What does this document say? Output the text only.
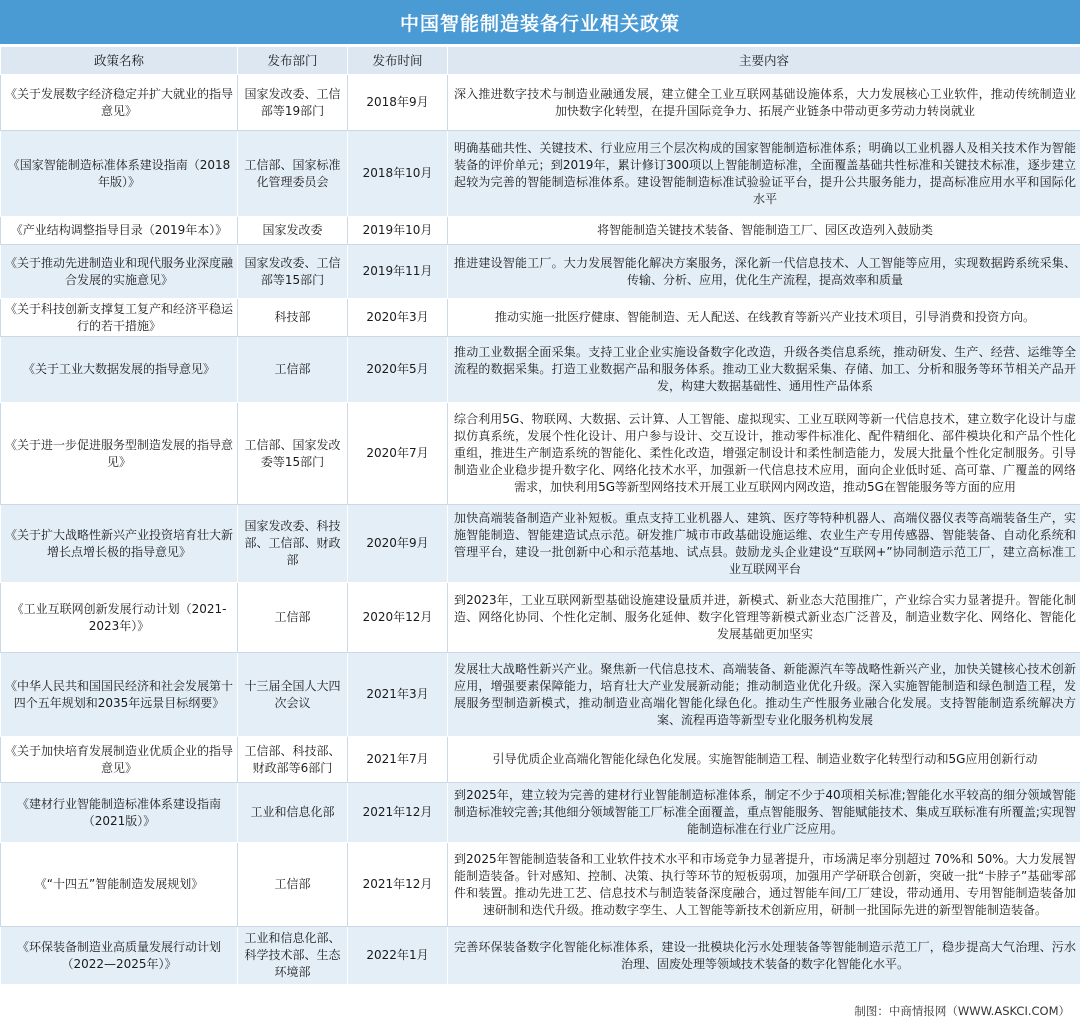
中国智能制造装备行业相关政策
政策名称	发布部门	发布时间	主要内容
《关于发展数字经济稳定并扩大就业的指导意见》	国家发改委、工信部等19部门	2018年9月	深入推进数字技术与制造业融通发展，建立健全工业互联网基础设施体系，大力发展核心工业软件，推动传统制造业加快数字化转型，在提升国际竞争力、拓展产业链条中带动更多劳动力转岗就业
《国家智能制造标准体系建设指南（2018年版）》	工信部、国家标准化管理委员会	2018年10月	明确基础共性、关键技术、行业应用三个层次构成的国家智能制造标准体系；明确以工业机器人及相关技术作为智能装备的评价单元；到2019年，累计修订300项以上智能制造标准，全面覆盖基础共性标准和关键技术标准，逐步建立起较为完善的智能制造标准体系。建设智能制造标准试验验证平台，提升公共服务能力，提高标准应用水平和国际化水平
《产业结构调整指导目录（2019年本）》	国家发改委	2019年10月	将智能制造关键技术装备、智能制造工厂、园区改造列入鼓励类
《关于推动先进制造业和现代服务业深度融合发展的实施意见》	国家发改委、工信部等15部门	2019年11月	推进建设智能工厂。大力发展智能化解决方案服务，深化新一代信息技术、人工智能等应用，实现数据跨系统采集、传输、分析、应用，优化生产流程，提高效率和质量
《关于科技创新支撑复工复产和经济平稳运行的若干措施》	科技部	2020年3月	推动实施一批医疗健康、智能制造、无人配送、在线教育等新兴产业技术项目，引导消费和投资方向。
《关于工业大数据发展的指导意见》	工信部	2020年5月	推动工业数据全面采集。支持工业企业实施设备数字化改造，升级各类信息系统，推动研发、生产、经营、运维等全流程的数据采集。打造工业数据产品和服务体系。推动工业大数据采集、存储、加工、分析和服务等环节相关产品开发，构建大数据基础性、通用性产品体系
《关于进一步促进服务型制造发展的指导意见》	工信部、国家发改委等15部门	2020年7月	综合利用5G、物联网、大数据、云计算、人工智能、虚拟现实、工业互联网等新一代信息技术，建立数字化设计与虚拟仿真系统，发展个性化设计、用户参与设计、交互设计，推动零件标准化、配件精细化、部件模块化和产品个性化重组，推进生产制造系统的智能化、柔性化改造，增强定制设计和柔性制造能力，发展大批量个性化定制服务。引导制造业企业稳步提升数字化、网络化技术水平，加强新一代信息技术应用，面向企业低时延、高可靠、广覆盖的网络需求，加快利用5G等新型网络技术开展工业互联网内网改造，推动5G在智能服务等方面的应用
《关于扩大战略性新兴产业投资培育壮大新增长点增长极的指导意见》	国家发改委、科技部、工信部、财政部	2020年9月	加快高端装备制造产业补短板。重点支持工业机器人、建筑、医疗等特种机器人、高端仪器仪表等高端装备生产，实施智能制造、智能建造试点示范。研发推广城市市政基础设施运维、农业生产专用传感器、智能装备、自动化系统和管理平台，建设一批创新中心和示范基地、试点县。鼓励龙头企业建设“互联网+”协同制造示范工厂，建立高标准工业互联网平台
《工业互联网创新发展行动计划（2021-2023年）》	工信部	2020年12月	到2023年，工业互联网新型基础设施建设量质并进，新模式、新业态大范围推广，产业综合实力显著提升。智能化制造、网络化协同、个性化定制、服务化延伸、数字化管理等新模式新业态广泛普及，制造业数字化、网络化、智能化发展基础更加坚实
《中华人民共和国国民经济和社会发展第十四个五年规划和2035年远景目标纲要》	十三届全国人大四次会议	2021年3月	发展壮大战略性新兴产业。聚焦新一代信息技术、高端装备、新能源汽车等战略性新兴产业，加快关键核心技术创新应用，增强要素保障能力，培育壮大产业发展新动能；推动制造业优化升级。深入实施智能制造和绿色制造工程，发展服务型制造新模式，推动制造业高端化智能化绿色化。推动生产性服务业融合化发展。支持智能制造系统解决方案、流程再造等新型专业化服务机构发展
《关于加快培育发展制造业优质企业的指导意见》	工信部、科技部、财政部等6部门	2021年7月	引导优质企业高端化智能化绿色化发展。实施智能制造工程、制造业数字化转型行动和5G应用创新行动
《建材行业智能制造标准体系建设指南（2021版）》	工业和信息化部	2021年12月	到2025年，建立较为完善的建材行业智能制造标准体系，制定不少于40项相关标准;智能化水平较高的细分领域智能制造标准较完善;其他细分领域智能工厂标准全面覆盖，重点智能服务、智能赋能技术、集成互联标准有所覆盖;实现智能制造标准在行业广泛应用。
《“十四五”智能制造发展规划》	工信部	2021年12月	到2025年智能制造装备和工业软件技术水平和市场竞争力显著提升，市场满足率分别超过 70%和 50%。大力发展智能制造装备。针对感知、控制、决策、执行等环节的短板弱项，加强用产学研联合创新，突破一批“卡脖子”基础零部件和装置。推动先进工艺、信息技术与制造装备深度融合，通过智能车间/工厂建设，带动通用、专用智能制造装备加速研制和迭代升级。推动数字孪生、人工智能等新技术创新应用，研制一批国际先进的新型智能制造装备。
《环保装备制造业高质量发展行动计划（2022—2025年）》	工业和信息化部、科学技术部、生态环境部	2022年1月	完善环保装备数字化智能化标准体系，建设一批模块化污水处理装备等智能制造示范工厂，稳步提高大气治理、污水治理、固废处理等领域技术装备的数字化智能化水平。
制图：中商情报网（WWW.ASKCI.COM）
